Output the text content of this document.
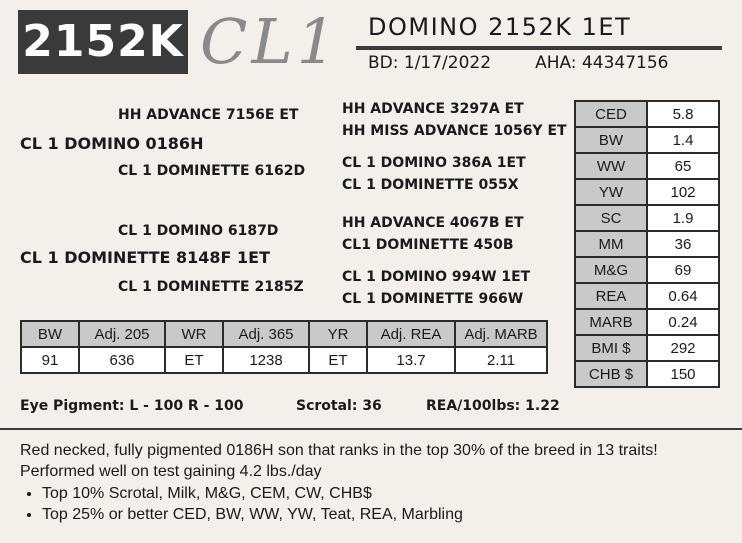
2152K CL1 DOMINO 2152K 1ET
BD: 1/17/2022	AHA: 44347156
HH ADVANCE 7156E ET
CL 1 DOMINO 0186H
CL 1 DOMINETTE 6162D
HH ADVANCE 3297A ET
HH MISS ADVANCE 1056Y ET
CL 1 DOMINO 386A 1ET
CL 1 DOMINETTE 055X
CL 1 DOMINO 6187D
CL 1 DOMINETTE 8148F 1ET
CL 1 DOMINETTE 2185Z
HH ADVANCE 4067B ET
CL1 DOMINETTE 450B
CL 1 DOMINO 994W 1ET
CL 1 DOMINETTE 966W
CED	5.8
BW	1.4
WW	65
YW	102
SC	1.9
MM	36
M&G	69
REA	0.64
MARB	0.24
BMI $	292
CHB $	150
BW	Adj. 205	WR	Adj. 365	YR	Adj. REA	Adj. MARB
91	636	ET	1238	ET	13.7	2.11
Eye Pigment: L - 100 R - 100	Scrotal: 36	REA/100lbs: 1.22

Red necked, fully pigmented 0186H son that ranks in the top 30% of the breed in 13 traits!

Performed well on test gaining 4.2 lbs./day

• Top 10% Scrotal, Milk, M&G, CEM, CW, CHB$
• Top 25% or better CED, BW, WW, YW, Teat, REA, Marbling
